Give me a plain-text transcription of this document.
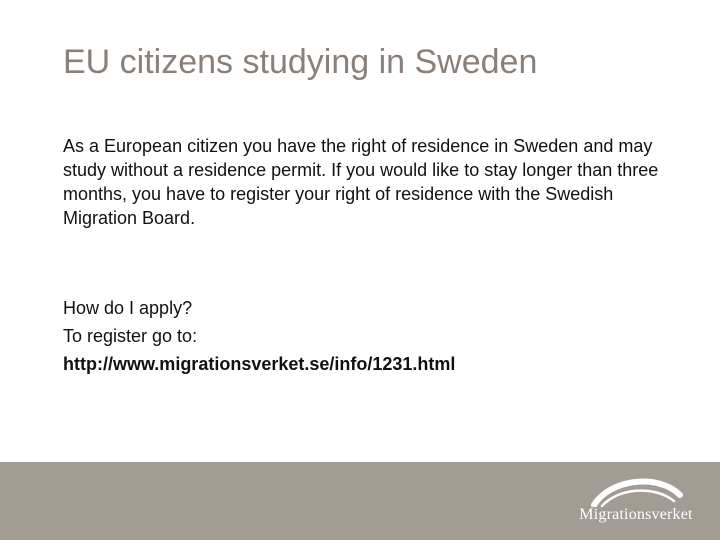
EU citizens studying in Sweden

As a European citizen you have the right of residence in Sweden and may study without a residence permit. If you would like to stay longer than three months, you have to register your right of residence with the Swedish Migration Board.

How do I apply?
To register go to:
http://www.migrationsverket.se/info/1231.html
Migrationsverket
